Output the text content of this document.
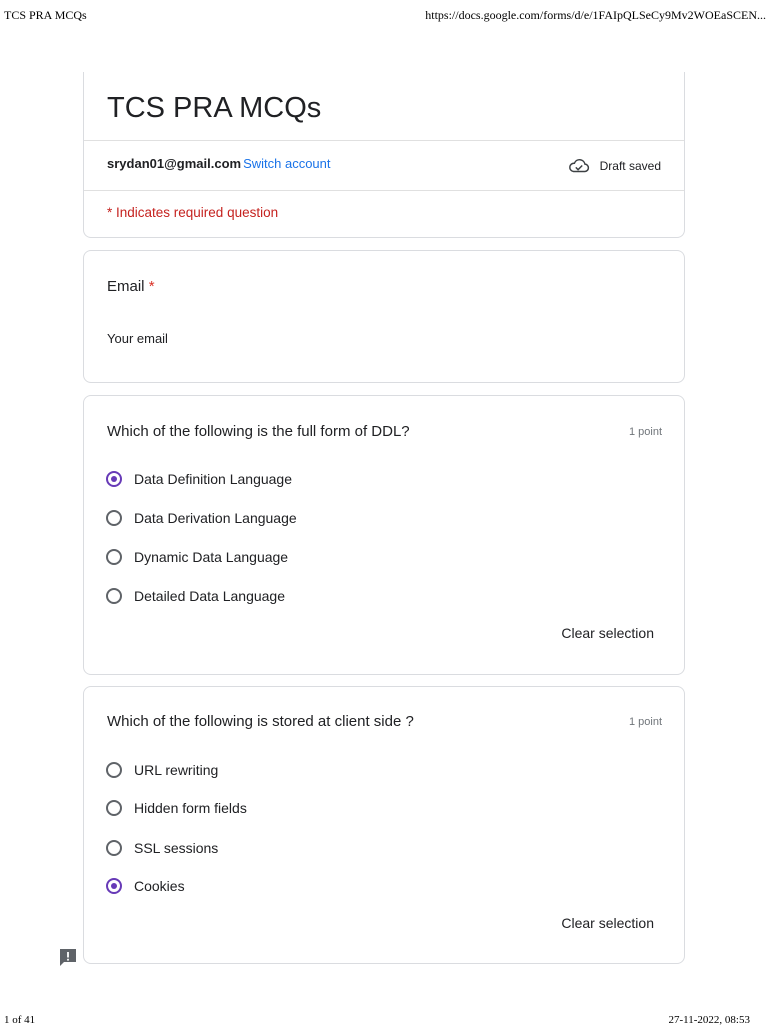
TCS PRA MCQs	https://docs.google.com/forms/d/e/1FAIpQLSeCy9Mv2WOEaSCEN...
TCS PRA MCQs
srydan01@gmail.com Switch account	Draft saved
* Indicates required question
Email *
Your email
Which of the following is the full form of DDL?	1 point
Data Definition Language
Data Derivation Language
Dynamic Data Language
Detailed Data Language
Clear selection
Which of the following is stored at client side ?	1 point
URL rewriting
Hidden form fields
SSL sessions
Cookies
Clear selection
1 of 41	27-11-2022, 08:53
